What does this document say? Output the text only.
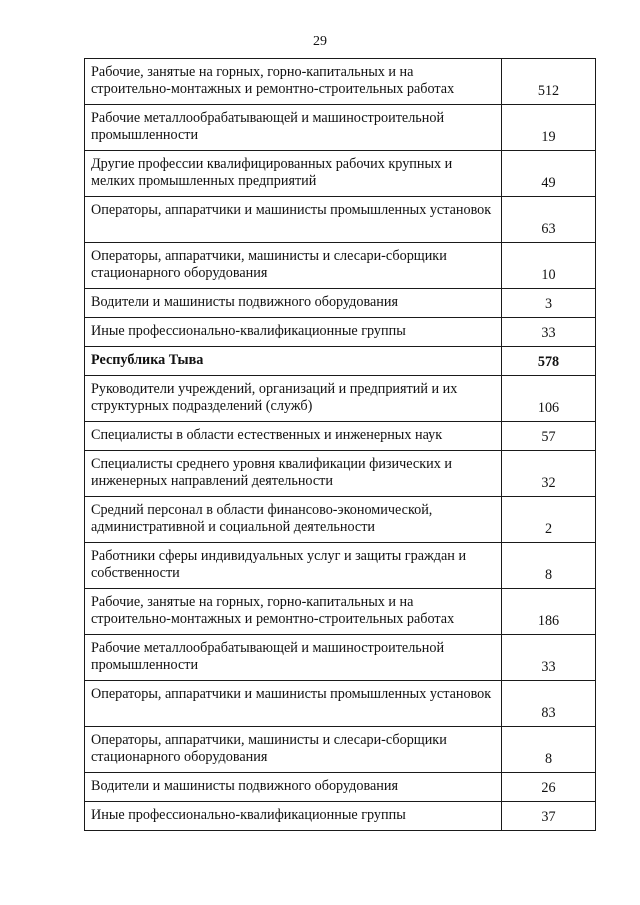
29
Рабочие, занятые на горных, горно-капитальных и на строительно-монтажных и ремонтно-строительных работах	512
Рабочие металлообрабатывающей и машиностроительной промышленности	19
Другие профессии квалифицированных рабочих крупных и мелких промышленных предприятий	49
Операторы, аппаратчики и машинисты промышленных установок	63
Операторы, аппаратчики, машинисты и слесари-сборщики стационарного оборудования	10
Водители и машинисты подвижного оборудования	3
Иные профессионально-квалификационные группы	33
Республика Тыва	578
Руководители учреждений, организаций и предприятий и их структурных подразделений (служб)	106
Специалисты в области естественных и инженерных наук	57
Специалисты среднего уровня квалификации физических и инженерных направлений деятельности	32
Средний персонал в области финансово-экономической, административной и социальной деятельности	2
Работники сферы индивидуальных услуг и защиты граждан и собственности	8
Рабочие, занятые на горных, горно-капитальных и на строительно-монтажных и ремонтно-строительных работах	186
Рабочие металлообрабатывающей и машиностроительной промышленности	33
Операторы, аппаратчики и машинисты промышленных установок	83
Операторы, аппаратчики, машинисты и слесари-сборщики стационарного оборудования	8
Водители и машинисты подвижного оборудования	26
Иные профессионально-квалификационные группы	37
